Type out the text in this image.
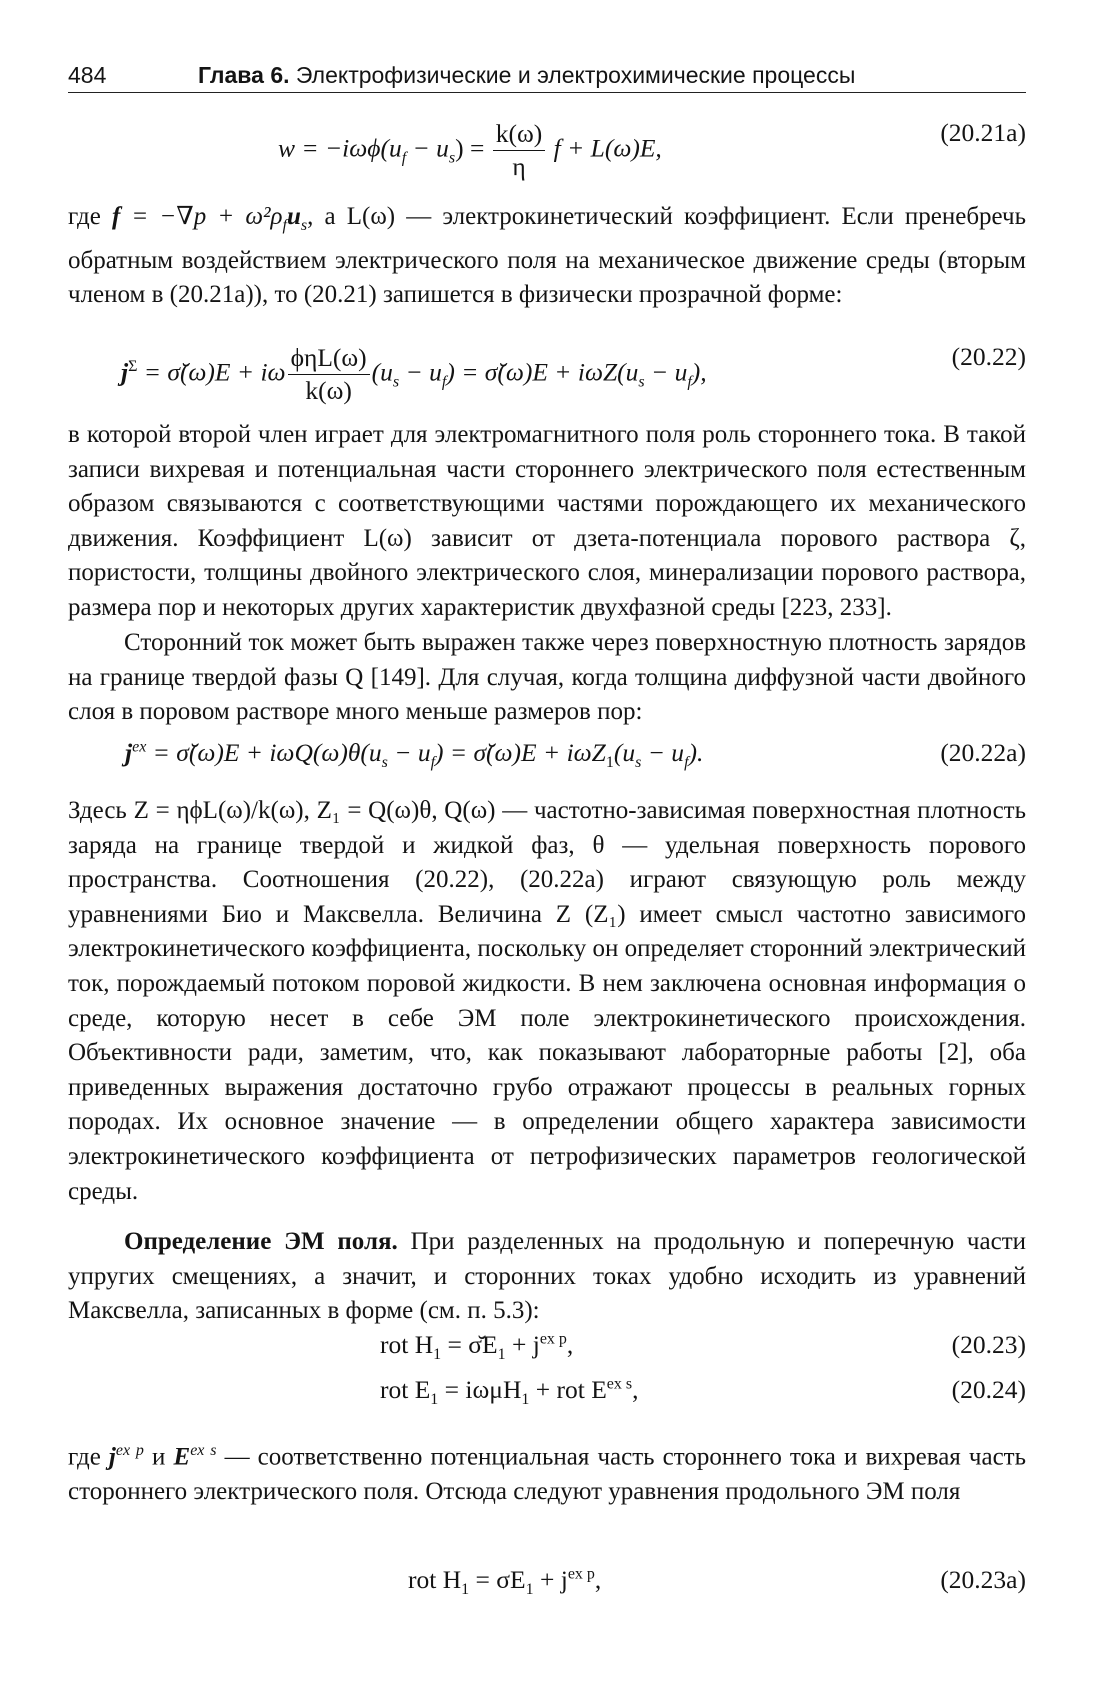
484	Глава 6. Электрофизические и электрохимические процессы
$w = -i\omega\phi(u_f - u_s) = \frac{k(\omega)}{\eta}$ f + L(ω)E,
(20.21a)

где $f = -\nabla p + \omega^2\rho_fu_s$, а L(ω) — электрокинетический коэффициент. Если пренебречь обратным воздействием электрического поля на механическое движение среды (вторым членом в (20.21a)), то (20.21) запишется в физически прозрачной форме:

$j^\Sigma$ = σ̆(ω)E + iω $\frac{\text{ϕηL(ω)}}{k(\omega)} (u_s - u_f)$ = σ̆(ω)E + $i\omega Z(u_s - u_f)$,
(20.22)

в которой второй член играет для электромагнитного поля роль стороннего тока. В такой записи вихревая и потенциальная части стороннего электрического поля естественным образом связываются с соответствующими частями порождающего их механического движения. Коэффициент L(ω) зависит от дзета-потенциала порового раствора ζ, пористости, толщины двойного электрического слоя, минерализации порового раствора, размера пор и некоторых других характеристик двухфазной среды [223, 233].

Сторонний ток может быть выражен также через поверхностную плотность зарядов на границе твердой фазы Q [149]. Для случая, когда толщина диффузной части двойного слоя в поровом растворе много меньше размеров пор:

$j^{ex}$ = σ̆(ω)E + $i\omega Q(\omega)\theta(u_s - u_f)$ = σ̆(ω)E + $i\omega Z_1(u_s - u_f)$.	(20.22a)

Здесь Z = ηϕL(ω)/k(ω), Z₁ = Q(ω)θ, Q(ω) — частотно-зависимая поверхностная плотность заряда на границе твердой и жидкой фаз, θ — удельная поверхность порового пространства. Соотношения (20.22), (20.22a) играют связующую роль между уравнениями Био и Максвелла. Величина Z (Z₁) имеет смысл частотно зависимого электрокинетического коэффициента, поскольку он определяет сторонний электрический ток, порождаемый потоком поровой жидкости. В нем заключена основная информация о среде, которую несет в себе ЭМ поле электрокинетического происхождения. Объективности ради, заметим, что, как показывают лабораторные работы [2], оба приведенных выражения достаточно грубо отражают процессы в реальных горных породах. Их основное значение — в определении общего характера зависимости электрокинетического коэффициента от петрофизических параметров геологической среды.

Определение ЭМ поля. При разделенных на продольную и поперечную части упругих смещениях, а значит, и сторонних токах удобно исходить из уравнений Максвелла, записанных в форме (см. п. 5.3):

rot $H_1$ = $\sigmăE_1 + j^{ex p}$,	(20.23)
rot $E_1 = i\omega\mu H_1$ + rot $E^{ex s}$,	(20.24)

где $j^{ex p}$ и $E^{ex s}$ — соответственно потенциальная часть стороннего тока и вихревая часть стороннего электрического поля. Отсюда следуют уравнения продольного ЭМ поля

rot $H_1 = \sigma E_1 + j^{ex p}$,	(20.23a)
